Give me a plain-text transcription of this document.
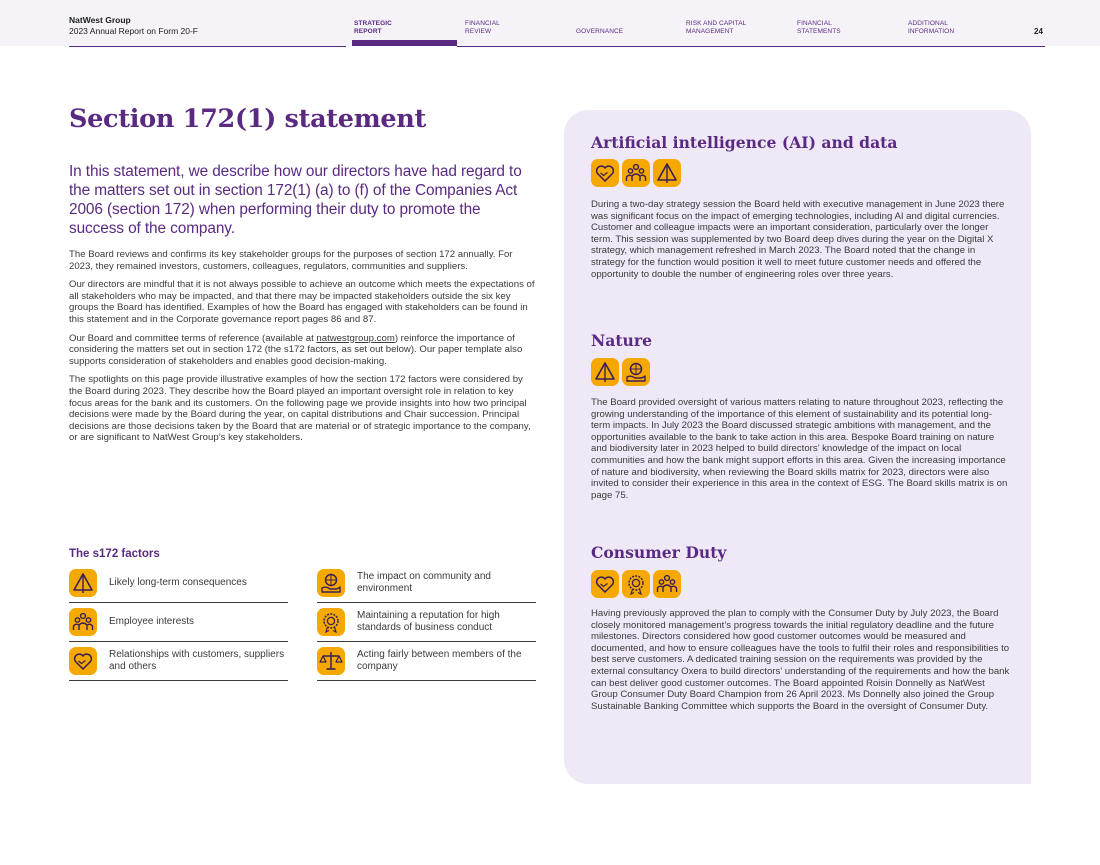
NatWest Group
2023 Annual Report on Form 20-F
STRATEGIC
REPORT
FINANCIAL
REVIEW	GOVERNANCE
RISK AND CAPITAL
MANAGEMENT
FINANCIAL
STATEMENTS
ADDITIONAL
INFORMATION	24
Section 172(1) statement

In this statement, we describe how our directors have had regard to the matters set out in section 172(1) (a) to (f) of the Companies Act 2006 (section 172) when performing their duty to promote the success of the company.

The Board reviews and confirms its key stakeholder groups for the purposes of section 172 annually. For 2023, they remained investors, customers, colleagues, regulators, communities and suppliers.

Our directors are mindful that it is not always possible to achieve an outcome which meets the expectations of all stakeholders who may be impacted, and that there may be impacted stakeholders outside the six key groups the Board has identified. Examples of how the Board has engaged with stakeholders can be found in this statement and in the Corporate governance report pages 86 and 87.

Our Board and committee terms of reference (available at natwestgroup.com) reinforce the importance of considering the matters set out in section 172 (the s172 factors, as set out below). Our paper template also supports consideration of stakeholders and enables good decision-making.

The spotlights on this page provide illustrative examples of how the section 172 factors were considered by the Board during 2023. They describe how the Board played an important oversight role in relation to key focus areas for the bank and its customers. On the following page we provide insights into how two principal decisions were made by the Board during the year, on capital distributions and Chair succession. Principal decisions are those decisions taken by the Board that are material or of strategic importance to the company, or are significant to NatWest Group’s key stakeholders.

The s172 factors
Likely long-term consequences
The impact on community and environment
Employee interests
Maintaining a reputation for high standards of business conduct
Relationships with customers, suppliers and others
Acting fairly between members of the company
Artificial intelligence (AI) and data

During a two-day strategy session the Board held with executive management in June 2023 there was significant focus on the impact of emerging technologies, including AI and digital currencies. Customer and colleague impacts were an important consideration, particularly over the longer term. This session was supplemented by two Board deep dives during the year on the Digital X strategy, which management refreshed in March 2023. The Board noted that the change in strategy for the function would position it well to meet future customer needs and offered the opportunity to double the number of engineering roles over three years.

Nature

The Board provided oversight of various matters relating to nature throughout 2023, reflecting the growing understanding of the importance of this element of sustainability and its potential long-term impacts. In July 2023 the Board discussed strategic ambitions with management, and the opportunities available to the bank to take action in this area. Bespoke Board training on nature and biodiversity later in 2023 helped to build directors’ knowledge of the impact on local communities and how the bank might support efforts in this area. Given the increasing importance of nature and biodiversity, when reviewing the Board skills matrix for 2023, directors were also invited to consider their experience in this area in the context of ESG. The Board skills matrix is on page 75.

Consumer Duty

Having previously approved the plan to comply with the Consumer Duty by July 2023, the Board closely monitored management’s progress towards the initial regulatory deadline and the future milestones. Directors considered how good customer outcomes would be measured and documented, and how to ensure colleagues have the tools to fulfil their roles and responsibilities to best serve customers. A dedicated training session on the requirements was provided by the external consultancy Oxera to build directors’ understanding of the requirements and how the bank can best deliver good customer outcomes. The Board appointed Roisin Donnelly as NatWest Group Consumer Duty Board Champion from 26 April 2023. Ms Donnelly also joined the Group Sustainable Banking Committee which supports the Board in the oversight of Consumer Duty.
